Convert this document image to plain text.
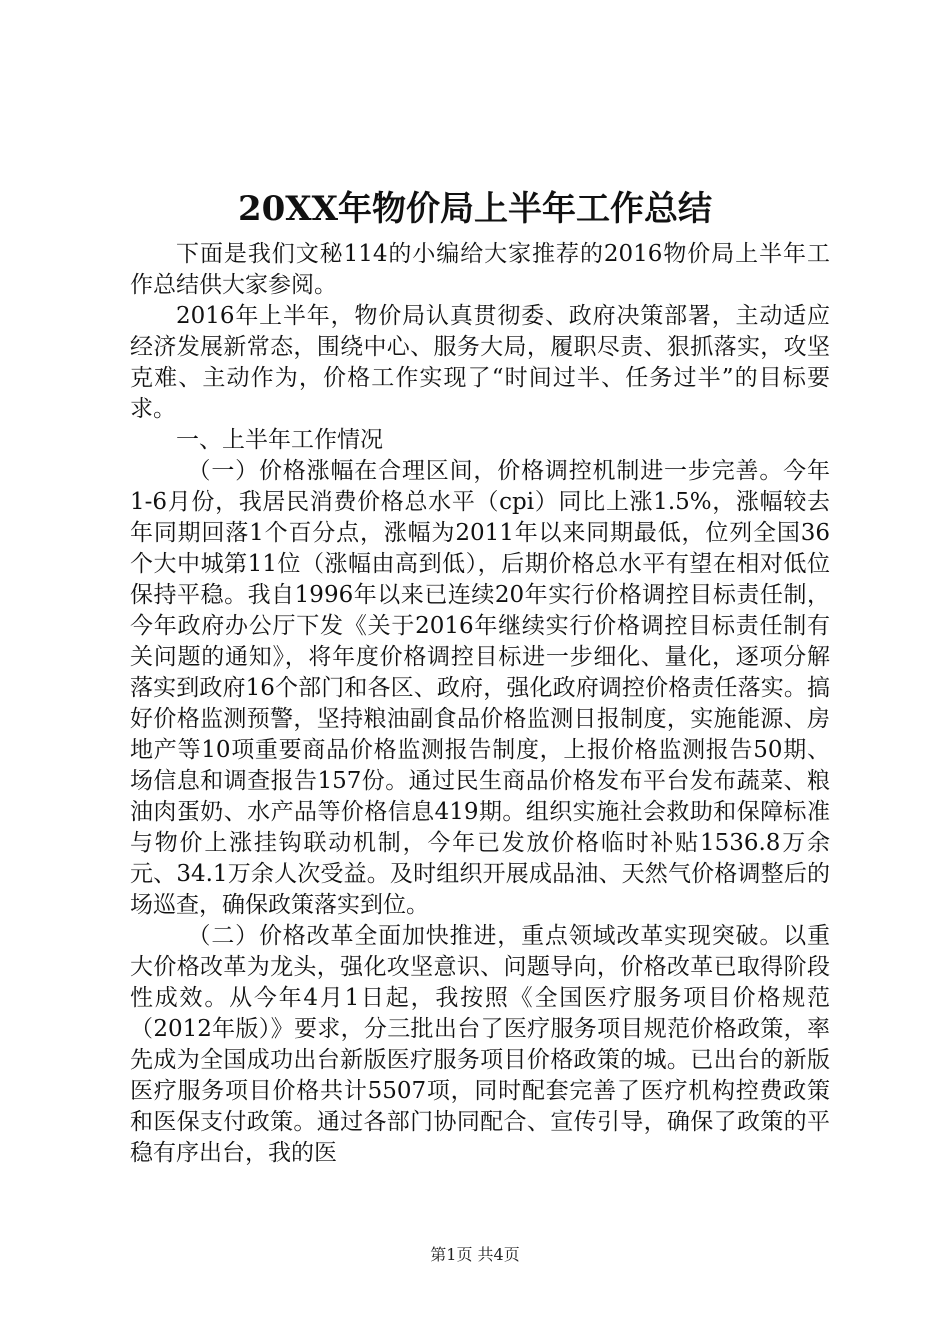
20XX年物价局上半年工作总结

下面是我们文秘114的小编给大家推荐的2016物价局上半年工作总结供大家参阅。

2016年上半年，物价局认真贯彻委、政府决策部署，主动适应经济发展新常态，围绕中心、服务大局，履职尽责、狠抓落实，攻坚克难、主动作为，价格工作实现了“时间过半、任务过半”的目标要求。

一、上半年工作情况

（一）价格涨幅在合理区间，价格调控机制进一步完善。今年1-6月份，我居民消费价格总水平（cpi）同比上涨1.5%，涨幅较去年同期回落1个百分点，涨幅为2011年以来同期最低，位列全国36个大中城第11位（涨幅由高到低），后期价格总水平有望在相对低位保持平稳。我自1996年以来已连续20年实行价格调控目标责任制，今年政府办公厅下发《关于2016年继续实行价格调控目标责任制有关问题的通知》，将年度价格调控目标进一步细化、量化，逐项分解落实到政府16个部门和各区、政府，强化政府调控价格责任落实。搞好价格监测预警，坚持粮油副食品价格监测日报制度，实施能源、房地产等10项重要商品价格监测报告制度，上报价格监测报告50期、场信息和调查报告157份。通过民生商品价格发布平台发布蔬菜、粮油肉蛋奶、水产品等价格信息419期。组织实施社会救助和保障标准与物价上涨挂钩联动机制，今年已发放价格临时补贴1536.8万余元、34.1万余人次受益。及时组织开展成品油、天然气价格调整后的场巡查，确保政策落实到位。

（二）价格改革全面加快推进，重点领域改革实现突破。以重大价格改革为龙头，强化攻坚意识、问题导向，价格改革已取得阶段性成效。从今年4月1日起，我按照《全国医疗服务项目价格规范（2012年版）》要求，分三批出台了医疗服务项目规范价格政策，率先成为全国成功出台新版医疗服务项目价格政策的城。已出台的新版医疗服务项目价格共计5507项，同时配套完善了医疗机构控费政策和医保支付政策。通过各部门协同配合、宣传引导，确保了政策的平稳有序出台，我的医

第1页 共4页
